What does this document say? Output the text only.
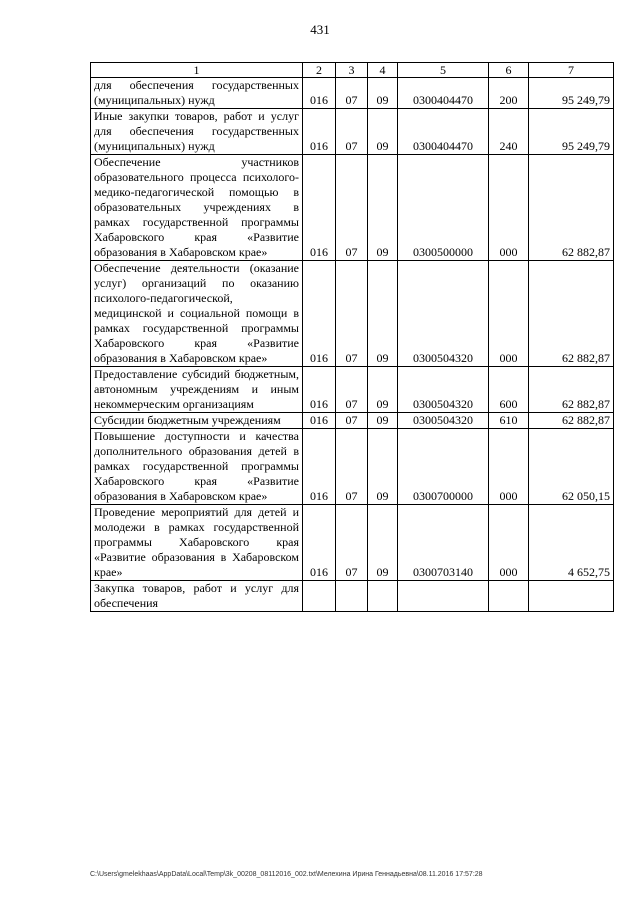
431
1	2	3	4	5	6	7
для обеспечения государственных (муниципальных) нужд	016	07	09	0300404470	200	95 249,79
Иные закупки товаров, работ и услуг для обеспечения государственных (муниципальных) нужд	016	07	09	0300404470	240	95 249,79
Обеспечение участников образовательного процесса психолого-медико-педагогической помощью в образовательных учреждениях в рамках государственной программы Хабаровского края «Развитие образования в Хабаровском крае»	016	07	09	0300500000	000	62 882,87
Обеспечение деятельности (оказание услуг) организаций по оказанию психолого-педагогической, медицинской и социальной помощи в рамках государственной программы Хабаровского края «Развитие образования в Хабаровском крае»	016	07	09	0300504320	000	62 882,87
Предоставление субсидий бюджетным, автономным учреждениям и иным некоммерческим организациям	016	07	09	0300504320	600	62 882,87
Субсидии бюджетным учреждениям	016	07	09	0300504320	610	62 882,87
Повышение доступности и качества дополнительного образования детей в рамках государственной программы Хабаровского края «Развитие образования в Хабаровском крае»	016	07	09	0300700000	000	62 050,15
Проведение мероприятий для детей и молодежи в рамках государственной программы Хабаровского края «Развитие образования в Хабаровском крае»	016	07	09	0300703140	000	4 652,75
Закупка товаров, работ и услуг для обеспечения						
C:\Users\gmelekhaas\AppData\Local\Temp\3k_00208_08112016_002.txt\Мелехина Ирина Геннадьевна\08.11.2016 17:57:28
